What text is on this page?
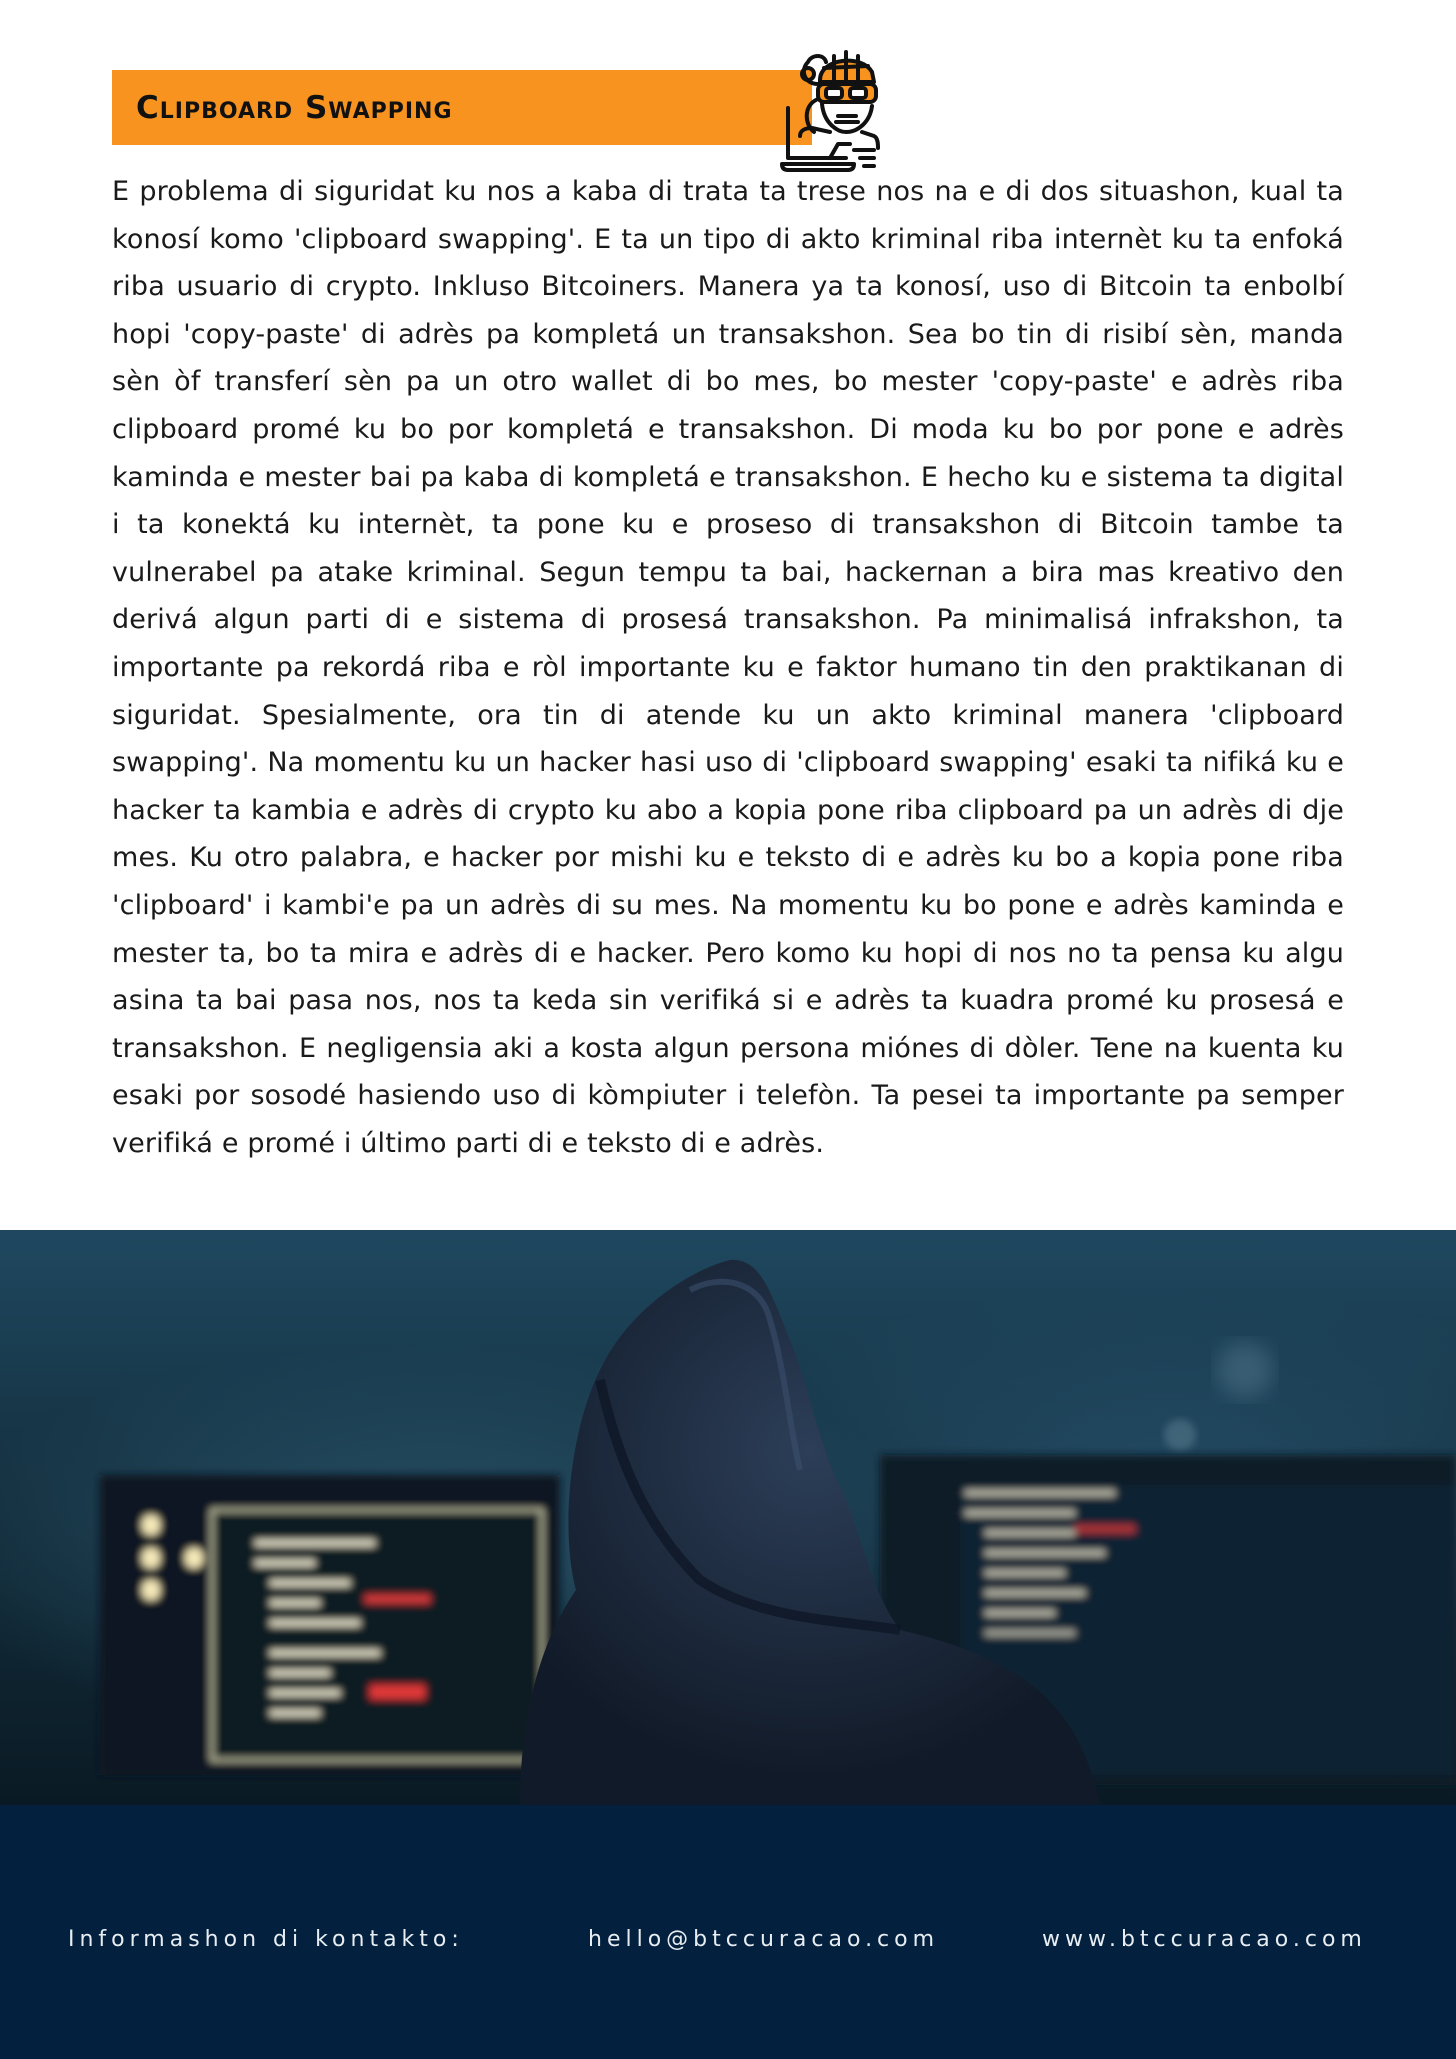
Clipboard Swapping

E problema di siguridat ku nos a kaba di trata ta trese nos na e di dos situashon, kual ta konosí komo 'clipboard swapping'. E ta un tipo di akto kriminal riba internèt ku ta enfoká riba usuario di crypto. Inkluso Bitcoiners. Manera ya ta konosí, uso di Bitcoin ta enbolbí hopi 'copy-paste' di adrès pa kompletá un transakshon. Sea bo tin di risibí sèn, manda sèn òf transferí sèn pa un otro wallet di bo mes, bo mester 'copy-paste' e adrès riba clipboard promé ku bo por kompletá e transakshon. Di moda ku bo por pone e adrès kaminda e mester bai pa kaba di kompletá e transakshon. E hecho ku e sistema ta digital i ta konektá ku internèt, ta pone ku e proseso di transakshon di Bitcoin tambe ta vulnerabel pa atake kriminal. Segun tempu ta bai, hackernan a bira mas kreativo den derivá algun parti di e sistema di prosesá transakshon. Pa minimalisá infrakshon, ta importante pa rekordá riba e ròl importante ku e faktor humano tin den praktikanan di siguridat. Spesialmente, ora tin di atende ku un akto kriminal manera 'clipboard swapping'. Na momentu ku un hacker hasi uso di 'clipboard swapping' esaki ta nifiká ku e hacker ta kambia e adrès di crypto ku abo a kopia pone riba clipboard pa un adrès di dje mes. Ku otro palabra, e hacker por mishi ku e teksto di e adrès ku bo a kopia pone riba 'clipboard' i kambi'e pa un adrès di su mes. Na momentu ku bo pone e adrès kaminda e mester ta, bo ta mira e adrès di e hacker. Pero komo ku hopi di nos no ta pensa ku algu asina ta bai pasa nos, nos ta keda sin verifiká si e adrès ta kuadra promé ku prosesá e transakshon. E negligensia aki a kosta algun persona miónes di dòler. Tene na kuenta ku esaki por sosodé hasiendo uso di kòmpiuter i telefòn. Ta pesei ta importante pa semper verifiká e promé i último parti di e teksto di e adrès.

Informashon di kontakto:	hello@btccuracao.com	www.btccuracao.com
